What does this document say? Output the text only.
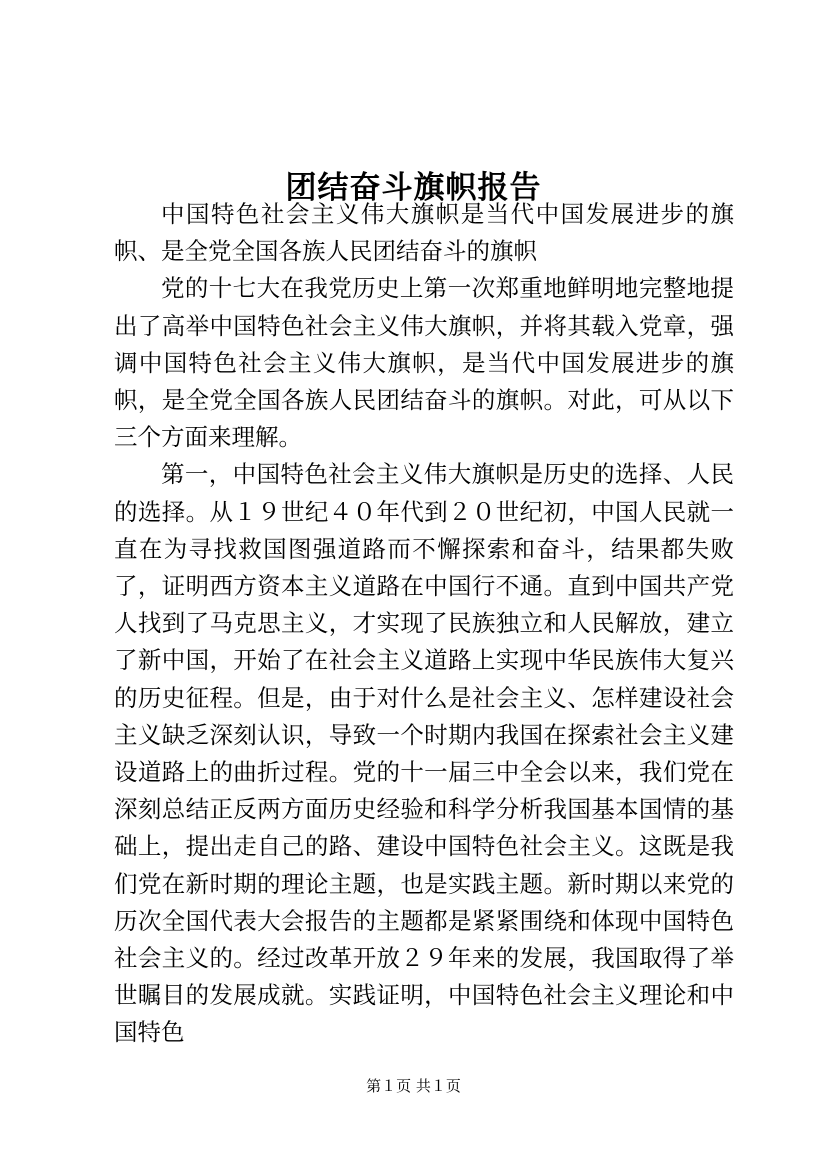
团结奋斗旗帜报告

中国特色社会主义伟大旗帜是当代中国发展进步的旗帜、是全党全国各族人民团结奋斗的旗帜

党的十七大在我党历史上第一次郑重地鲜明地完整地提出了高举中国特色社会主义伟大旗帜，并将其载入党章，强调中国特色社会主义伟大旗帜，是当代中国发展进步的旗帜，是全党全国各族人民团结奋斗的旗帜。对此，可从以下三个方面来理解。

第一，中国特色社会主义伟大旗帜是历史的选择、人民的选择。从１９世纪４０年代到２０世纪初，中国人民就一直在为寻找救国图强道路而不懈探索和奋斗，结果都失败了，证明西方资本主义道路在中国行不通。直到中国共产党人找到了马克思主义，才实现了民族独立和人民解放，建立了新中国，开始了在社会主义道路上实现中华民族伟大复兴的历史征程。但是，由于对什么是社会主义、怎样建设社会主义缺乏深刻认识，导致一个时期内我国在探索社会主义建设道路上的曲折过程。党的十一届三中全会以来，我们党在深刻总结正反两方面历史经验和科学分析我国基本国情的基础上，提出走自己的路、建设中国特色社会主义。这既是我们党在新时期的理论主题，也是实践主题。新时期以来党的历次全国代表大会报告的主题都是紧紧围绕和体现中国特色社会主义的。经过改革开放２９年来的发展，我国取得了举世瞩目的发展成就。实践证明，中国特色社会主义理论和中国特色

第１页 共１页
